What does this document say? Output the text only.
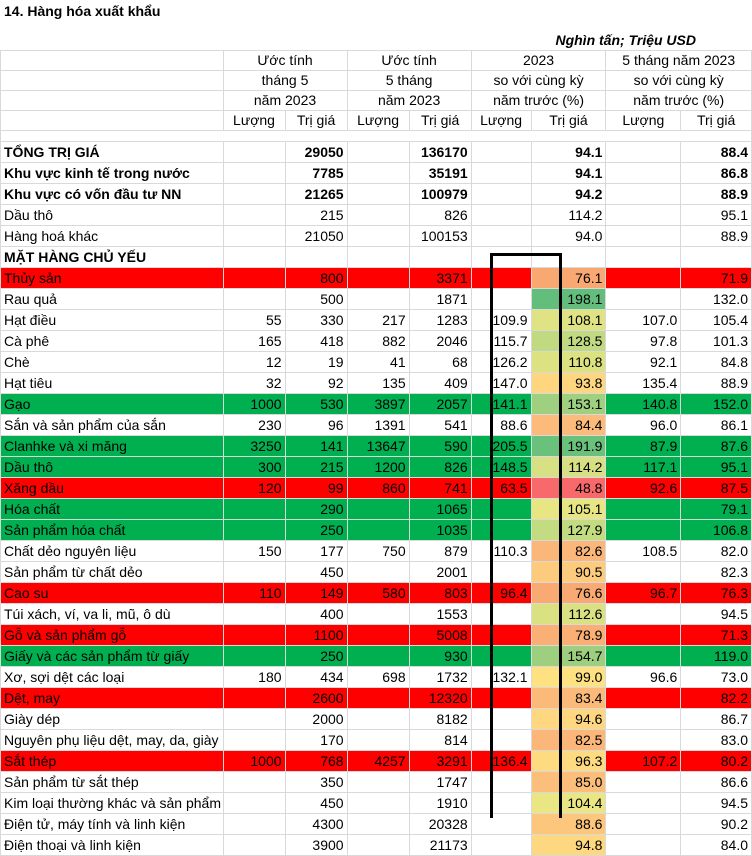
14. Hàng hóa xuất khẩu
Nghìn tấn; Triệu USD
	Ước tính		Ước tính		2023		5 tháng năm 2023	
	tháng 5		5 tháng		so với cùng kỳ		so với cùng kỳ	
	năm 2023		năm 2023		năm trước (%)		năm trước (%)	
	Lượng	Trị giá	Lượng	Trị giá	Lượng	Trị giá	Lượng	Trị giá

TỔNG TRỊ GIÁ		29050		136170		94.1		88.4
Khu vực kinh tế trong nước		7785		35191		94.1		86.8
Khu vực có vốn đầu tư NN		21265		100979		94.2		88.9
Dầu thô		215		826		114.2		95.1
Hàng hoá khác		21050		100153		94.0		88.9
MẶT HÀNG CHỦ YẾU								
Thủy sản		800		3371		76.1		71.9
Rau quả		500		1871		198.1		132.0
Hạt điều	55	330	217	1283	109.9	108.1	107.0	105.4
Cà phê	165	418	882	2046	115.7	128.5	97.8	101.3
Chè	12	19	41	68	126.2	110.8	92.1	84.8
Hạt tiêu	32	92	135	409	147.0	93.8	135.4	88.9
Gạo	1000	530	3897	2057	141.1	153.1	140.8	152.0
Sắn và sản phẩm của sắn	230	96	1391	541	88.6	84.4	96.0	86.1
Clanhke và xi măng	3250	141	13647	590	205.5	191.9	87.9	87.6
Dầu thô	300	215	1200	826	148.5	114.2	117.1	95.1
Xăng dầu	120	99	860	741	63.5	48.8	92.6	87.5
Hóa chất		290		1065		105.1		79.1
Sản phẩm hóa chất		250		1035		127.9		106.8
Chất dẻo nguyên liệu	150	177	750	879	110.3	82.6	108.5	82.0
Sản phẩm từ chất dẻo		450		2001		90.5		82.3
Cao su	110	149	580	803	96.4	76.6	96.7	76.3
Túi xách, ví, va li, mũ, ô dù		400		1553		112.6		94.5
Gỗ và sản phẩm gỗ		1100		5008		78.9		71.3
Giấy và các sản phẩm từ giấy		250		930		154.7		119.0
Xơ, sợi dệt các loại	180	434	698	1732	132.1	99.0	96.6	73.0
Dệt, may		2600		12320		83.4		82.2
Giày dép		2000		8182		94.6		86.7
Nguyên phụ liệu dệt, may, da, giày		170		814		82.5		83.0
Sắt thép	1000	768	4257	3291	136.4	96.3	107.2	80.2
Sản phẩm từ sắt thép		350		1747		85.0		86.6
Kim loại thường khác và sản phẩm		450		1910		104.4		94.5
Điện tử, máy tính và linh kiện		4300		20328		88.6		90.2
Điện thoại và linh kiện		3900		21173		94.8		84.0
